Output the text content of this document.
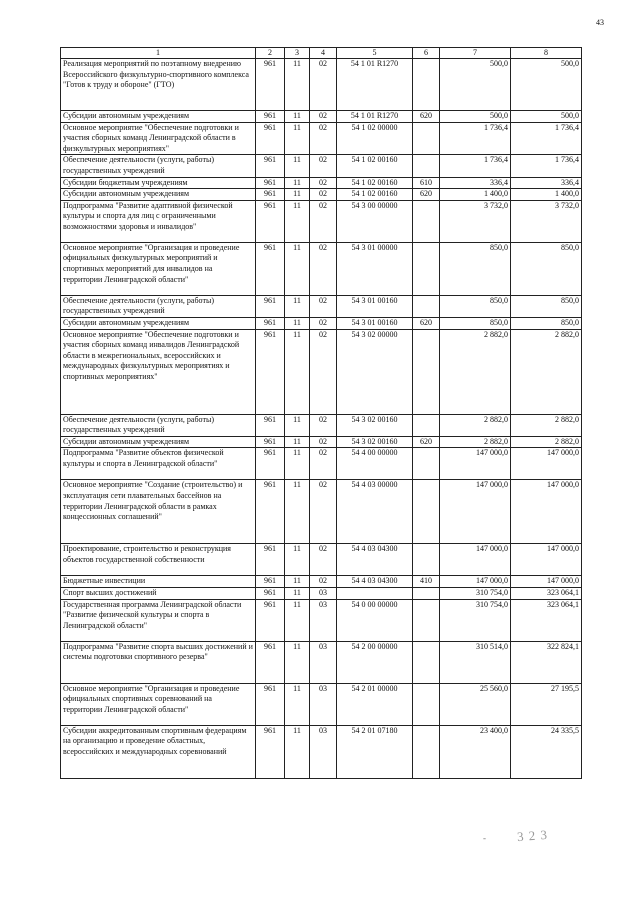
43
1	2	3	4	5	6	7	8
Реализация мероприятий по поэтапному внедрению Всероссийского физкультурно-спортивного комплекса "Готов к труду и обороне" (ГТО)	961	11	02	54 1 01 R1270		500,0	500,0
Субсидии автономным учреждениям	961	11	02	54 1 01 R1270	620	500,0	500,0
Основное мероприятие "Обеспечение подготовки и участия сборных команд Ленинградской области в физкультурных мероприятиях"	961	11	02	54 1 02 00000		1 736,4	1 736,4
Обеспечение деятельности (услуги, работы) государственных учреждений	961	11	02	54 1 02 00160		1 736,4	1 736,4
Субсидии бюджетным учреждениям	961	11	02	54 1 02 00160	610	336,4	336,4
Субсидии автономным учреждениям	961	11	02	54 1 02 00160	620	1 400,0	1 400,0
Подпрограмма "Развитие адаптивной физической культуры и спорта для лиц с ограниченными возможностями здоровья и инвалидов"	961	11	02	54 3 00 00000		3 732,0	3 732,0
Основное мероприятие "Организация и проведение официальных физкультурных мероприятий и спортивных мероприятий для инвалидов на территории Ленинградской области"	961	11	02	54 3 01 00000		850,0	850,0
Обеспечение деятельности (услуги, работы) государственных учреждений	961	11	02	54 3 01 00160		850,0	850,0
Субсидии автономным учреждениям	961	11	02	54 3 01 00160	620	850,0	850,0
Основное мероприятие "Обеспечение подготовки и участия сборных команд инвалидов Ленинградской области в межрегиональных, всероссийских и международных физкультурных мероприятиях и спортивных мероприятиях"	961	11	02	54 3 02 00000		2 882,0	2 882,0
Обеспечение деятельности (услуги, работы) государственных учреждений	961	11	02	54 3 02 00160		2 882,0	2 882,0
Субсидии автономным учреждениям	961	11	02	54 3 02 00160	620	2 882,0	2 882,0
Подпрограмма "Развитие объектов физической культуры и спорта в Ленинградской области"	961	11	02	54 4 00 00000		147 000,0	147 000,0
Основное мероприятие "Создание (строительство) и эксплуатация сети плавательных бассейнов на территории Ленинградской области в рамках концессионных соглашений"	961	11	02	54 4 03 00000		147 000,0	147 000,0
Проектирование, строительство и реконструкция объектов государственной собственности	961	11	02	54 4 03 04300		147 000,0	147 000,0
Бюджетные инвестиции	961	11	02	54 4 03 04300	410	147 000,0	147 000,0
Спорт высших достижений	961	11	03			310 754,0	323 064,1
Государственная программа Ленинградской области "Развитие физической культуры и спорта в Ленинградской области"	961	11	03	54 0 00 00000		310 754,0	323 064,1
Подпрограмма "Развитие спорта высших достижений и системы подготовки спортивного резерва"	961	11	03	54 2 00 00000		310 514,0	322 824,1
Основное мероприятие "Организация и проведение официальных спортивных соревнований на территории Ленинградской области"	961	11	03	54 2 01 00000		25 560,0	27 195,5
Субсидии аккредитованным спортивным федерациям на организацию и проведение областных, всероссийских и международных соревнований	961	11	03	54 2 01 07180		23 400,0	24 335,5
- 3 2 3
